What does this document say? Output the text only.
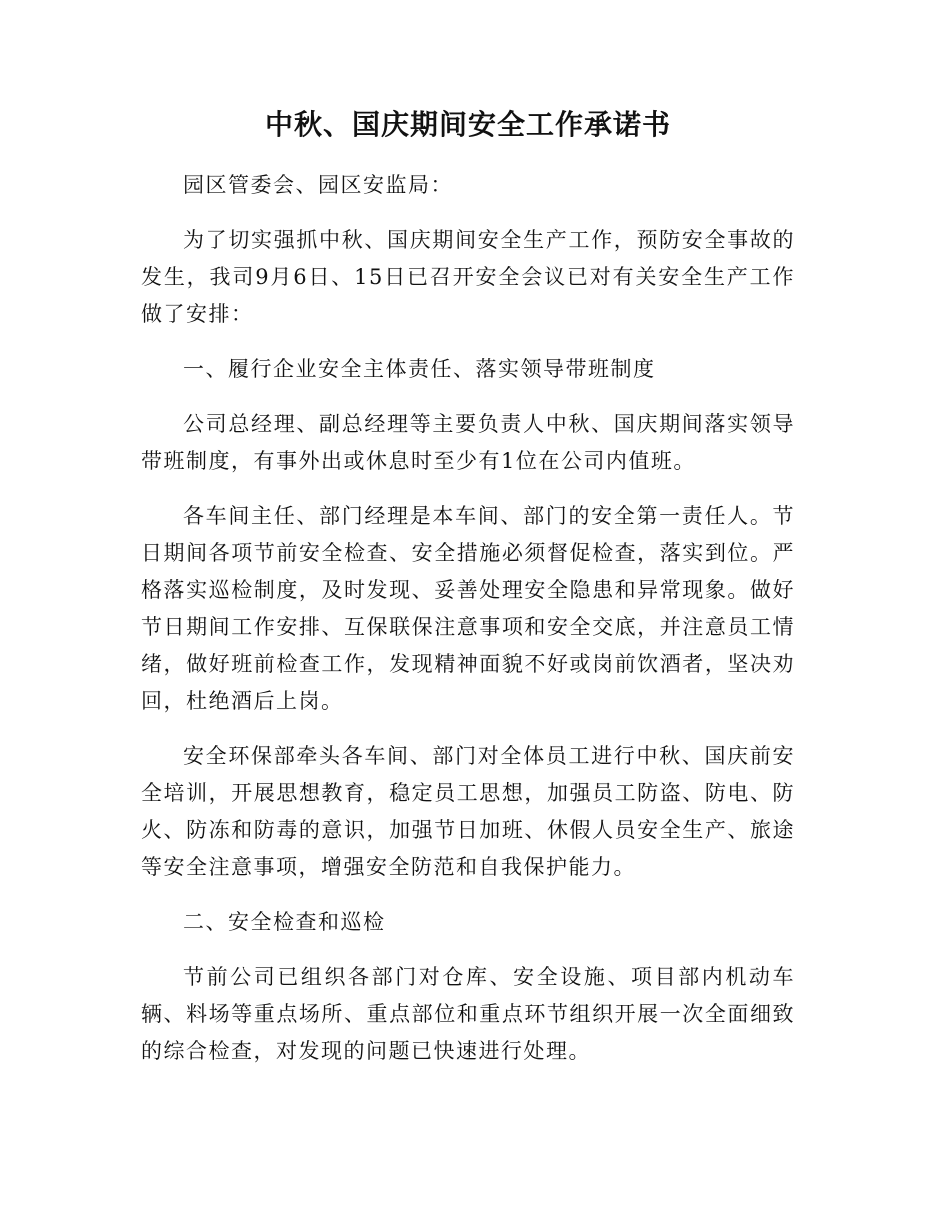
中秋、国庆期间安全工作承诺书

园区管委会、园区安监局：

为了切实强抓中秋、国庆期间安全生产工作，预防安全事故的发生，我司9月6日、15日已召开安全会议已对有关安全生产工作做了安排：

一、履行企业安全主体责任、落实领导带班制度

公司总经理、副总经理等主要负责人中秋、国庆期间落实领导带班制度，有事外出或休息时至少有1位在公司内值班。

各车间主任、部门经理是本车间、部门的安全第一责任人。节日期间各项节前安全检查、安全措施必须督促检查，落实到位。严格落实巡检制度，及时发现、妥善处理安全隐患和异常现象。做好节日期间工作安排、互保联保注意事项和安全交底，并注意员工情绪，做好班前检查工作，发现精神面貌不好或岗前饮酒者，坚决劝回，杜绝酒后上岗。

安全环保部牵头各车间、部门对全体员工进行中秋、国庆前安全培训，开展思想教育，稳定员工思想，加强员工防盗、防电、防火、防冻和防毒的意识，加强节日加班、休假人员安全生产、旅途等安全注意事项，增强安全防范和自我保护能力。

二、安全检查和巡检

节前公司已组织各部门对仓库、安全设施、项目部内机动车辆、料场等重点场所、重点部位和重点环节组织开展一次全面细致的综合检查，对发现的问题已快速进行处理。
